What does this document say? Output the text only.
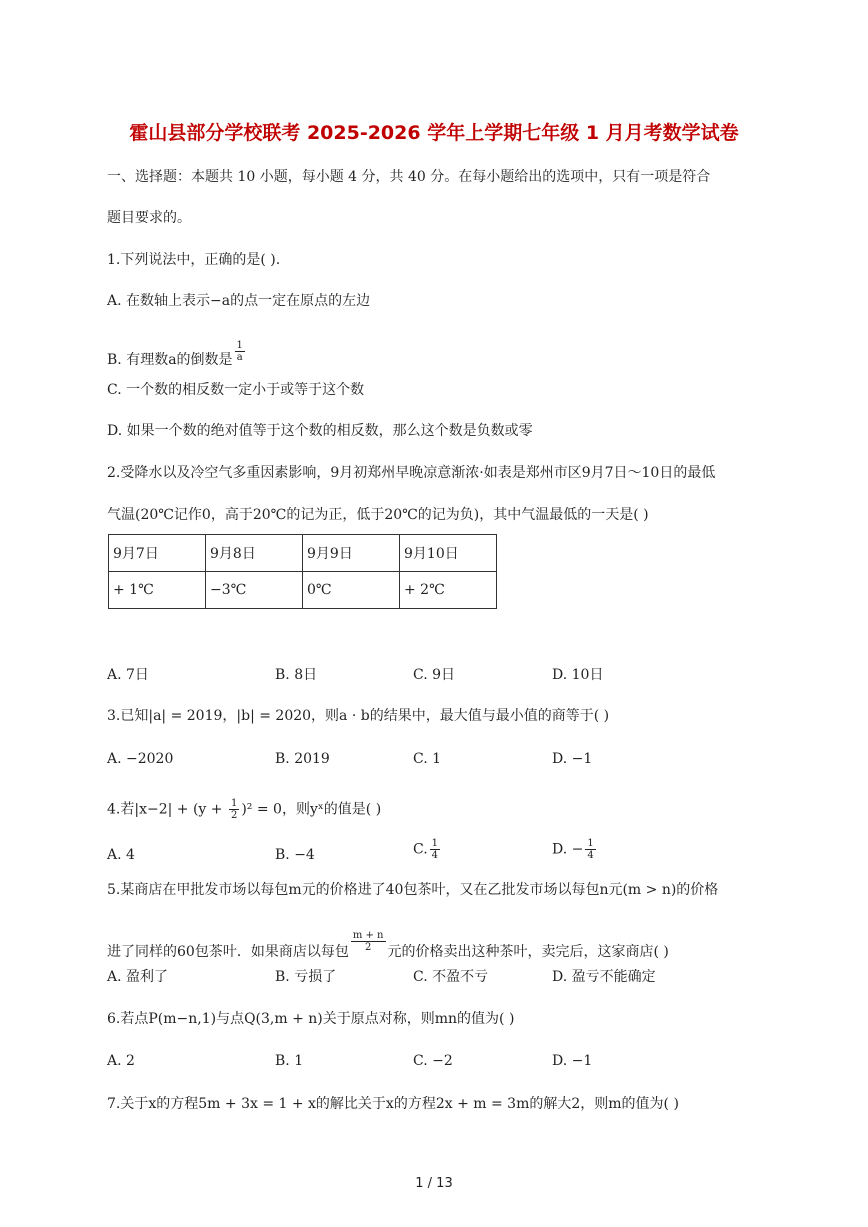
霍山县部分学校联考 2025-2026 学年上学期七年级 1 月月考数学试卷
一、选择题：本题共 10 小题，每小题 4 分，共 40 分。在每小题给出的选项中，只有一项是符合
题目要求的。
1.下列说法中，正确的是( ).
A. 在数轴上表示−a的点一定在原点的左边
B. 有理数a的倒数是 $\frac{1}{a}$
C. 一个数的相反数一定小于或等于这个数
D. 如果一个数的绝对值等于这个数的相反数，那么这个数是负数或零
2.受降水以及冷空气多重因素影响，9月初郑州早晚凉意渐浓·如表是郑州市区9月7日〜10日的最低
气温(20℃记作0，高于20℃的记为正，低于20℃的记为负)，其中气温最低的一天是( )
9月7日	9月8日	9月9日	9月10日
+ 1℃	−3℃	0℃	+ 2℃
A. 7日	B. 8日	C. 9日	D. 10日
3.已知|a| = 2019，|b| = 2020，则a · b的结果中，最大值与最小值的商等于( )
A. −2020	B. 2019	C. 1	D. −1
4.若$|x-2| + (y + \frac{1}{2} )^2 = 0$，则yˣ的值是( )
A. 4	B. −4	C. $\frac{1}{4}$	D. − $\frac{1}{4}$
5.某商店在甲批发市场以每包m元的价格进了40包茶叶，又在乙批发市场以每包n元(m > n)的价格
进了同样的60包茶叶．如果商店以每包 $\frac{m + n}{2}$ 元的价格卖出这种茶叶，卖完后，这家商店( )
A. 盈利了	B. 亏损了	C. 不盈不亏	D. 盈亏不能确定
6.若点P(m−n,1)与点Q(3,m + n)关于原点对称，则mn的值为( )
A. 2	B. 1	C. −2	D. −1
7.关于x的方程5m + 3x = 1 + x的解比关于x的方程2x + m = 3m的解大2，则m的值为( )
1 / 13
